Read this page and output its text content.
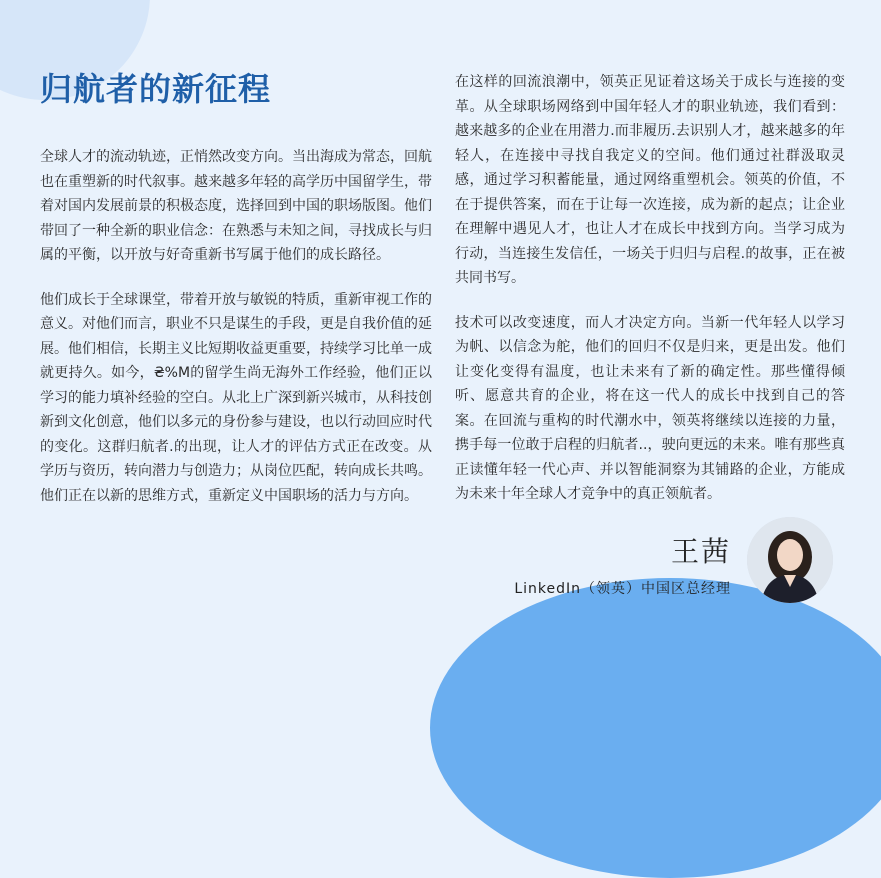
归航者的新征程

全球人才的流动轨迹，正悄然改变方向。当出海成为常态，回航也在重塑新的时代叙事。越来越多年轻的高学历中国留学生，带着对国内发展前景的积极态度，选择回到中国的职场版图。他们带回了一种全新的职业信念：在熟悉与未知之间，寻找成长与归属的平衡，以开放与好奇重新书写属于他们的成长路径。

他们成长于全球课堂，带着开放与敏锐的特质，重新审视工作的意义。对他们而言，职业不只是谋生的手段，更是自我价值的延展。他们相信，长期主义比短期收益更重要，持续学习比单一成就更持久。如今，₴%M的留学生尚无海外工作经验，他们正以学习的能力填补经验的空白。从北上广深到新兴城市，从科技创新到文化创意，他们以多元的身份参与建设，也以行动回应时代的变化。这群归航者.的出现，让人才的评估方式正在改变。从学历与资历，转向潜力与创造力；从岗位匹配，转向成长共鸣。他们正在以新的思维方式，重新定义中国职场的活力与方向。

在这样的回流浪潮中，领英正见证着这场关于成长与连接的变革。从全球职场网络到中国年轻人才的职业轨迹，我们看到：越来越多的企业在用潜力.而非履历.去识别人才，越来越多的年轻人，在连接中寻找自我定义的空间。他们通过社群汲取灵感，通过学习积蓄能量，通过网络重塑机会。领英的价值，不在于提供答案，而在于让每一次连接，成为新的起点；让企业在理解中遇见人才，也让人才在成长中找到方向。当学习成为行动，当连接生发信任，一场关于归归与启程.的故事，正在被共同书写。

技术可以改变速度，而人才决定方向。当新一代年轻人以学习为帆、以信念为舵，他们的回归不仅是归来，更是出发。他们让变化变得有温度，也让未来有了新的确定性。那些懂得倾听、愿意共育的企业，将在这一代人的成长中找到自己的答案。在回流与重构的时代潮水中，领英将继续以连接的力量，携手每一位敢于启程的归航者..，驶向更远的未来。唯有那些真正读懂年轻一代心声、并以智能洞察为其铺路的企业，方能成为未来十年全球人才竞争中的真正领航者。

王茜
LinkedIn（领英）中国区总经理
